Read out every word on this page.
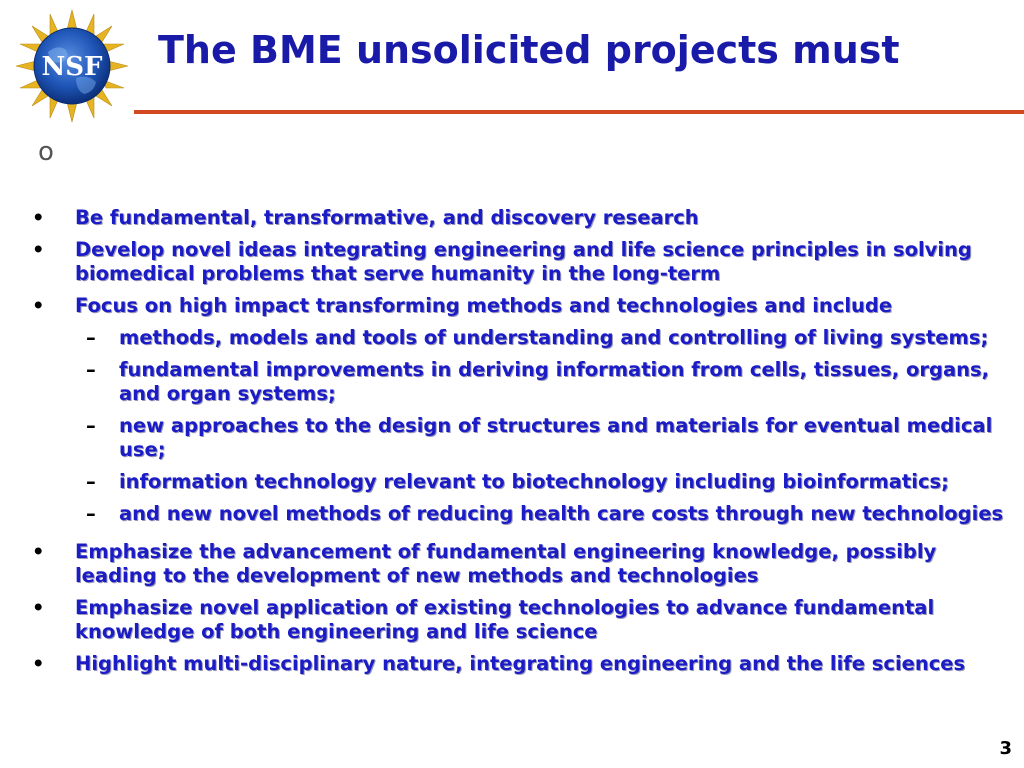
NSF The BME unsolicited projects must
o
• Be fundamental, transformative, and discovery research
• Develop novel ideas integrating engineering and life science principles in solving biomedical problems that serve humanity in the long-term
• Focus on high impact transforming methods and technologies and include
– methods, models and tools of understanding and controlling of living systems;
– fundamental improvements in deriving information from cells, tissues, organs, and organ systems;
– new approaches to the design of structures and materials for eventual medical use;
– information technology relevant to biotechnology including bioinformatics;
– and new novel methods of reducing health care costs through new technologies
• Emphasize the advancement of fundamental engineering knowledge, possibly leading to the development of new methods and technologies
• Emphasize novel application of existing technologies to advance fundamental knowledge of both engineering and life science
• Highlight multi-disciplinary nature, integrating engineering and the life sciences
3
